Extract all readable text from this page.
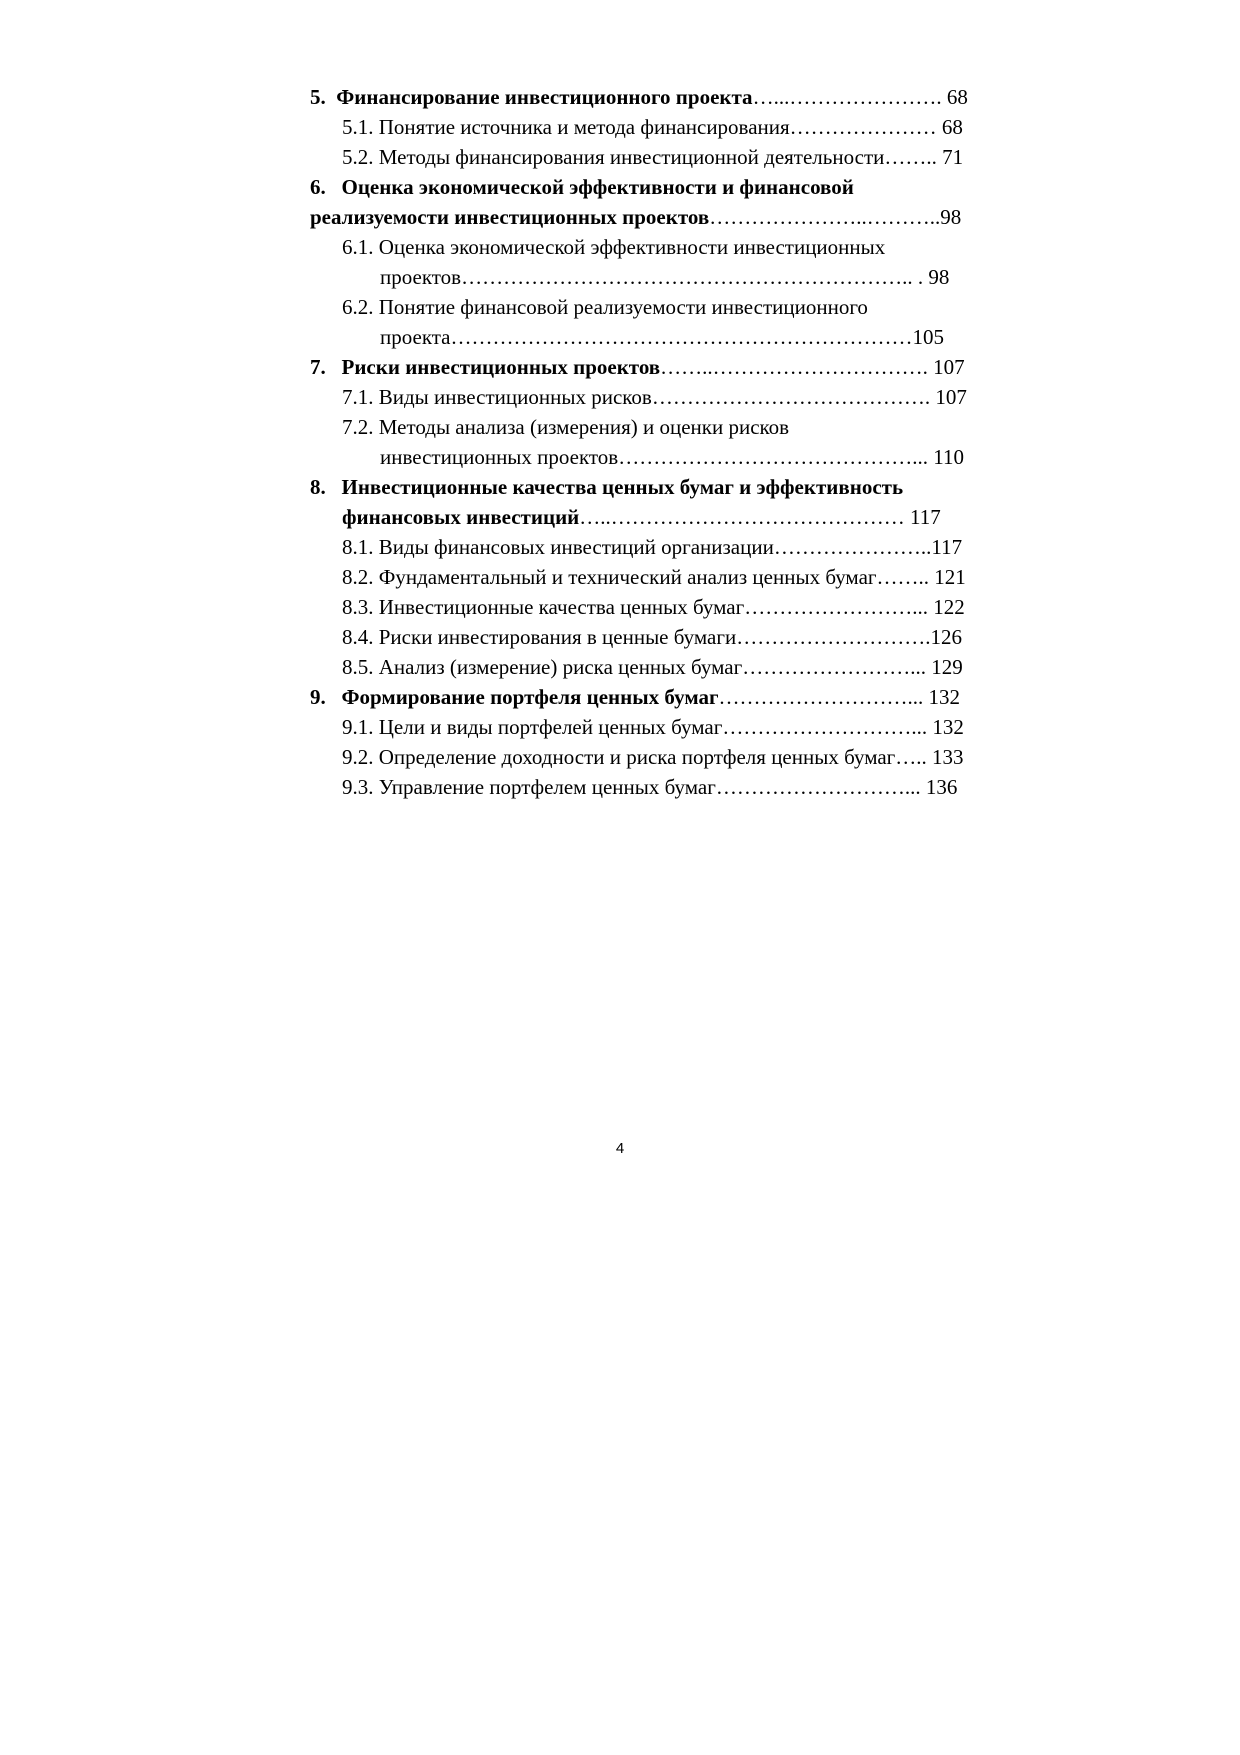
5. Финансирование инвестиционного проекта…...…………………. 68
5.1. Понятие источника и метода финансирования………………… 68
5.2. Методы финансирования инвестиционной деятельности…….. 71
6. Оценка экономической эффективности и финансовой
реализуемости инвестиционных проектов…………………..………..98
6.1. Оценка экономической эффективности инвестиционных
проектов……………………………………………………….. . 98
6.2. Понятие финансовой реализуемости инвестиционного
проекта…………………………………………………………105
7. Риски инвестиционных проектов……..…………………………. 107
7.1. Виды инвестиционных рисков…………………………………. 107
7.2. Методы анализа (измерения) и оценки рисков
инвестиционных проектов……………………………………... 110
8. Инвестиционные качества ценных бумаг и эффективность
финансовых инвестиций…..…………………………………… 117
8.1. Виды финансовых инвестиций организации…………………..117
8.2. Фундаментальный и технический анализ ценных бумаг…….. 121
8.3. Инвестиционные качества ценных бумаг……………………... 122
8.4. Риски инвестирования в ценные бумаги……………………….126
8.5. Анализ (измерение) риска ценных бумаг……………………... 129
9. Формирование портфеля ценных бумаг………………………... 132
9.1. Цели и виды портфелей ценных бумаг………………………... 132
9.2. Определение доходности и риска портфеля ценных бумаг….. 133
9.3. Управление портфелем ценных бумаг………………………... 136
4
